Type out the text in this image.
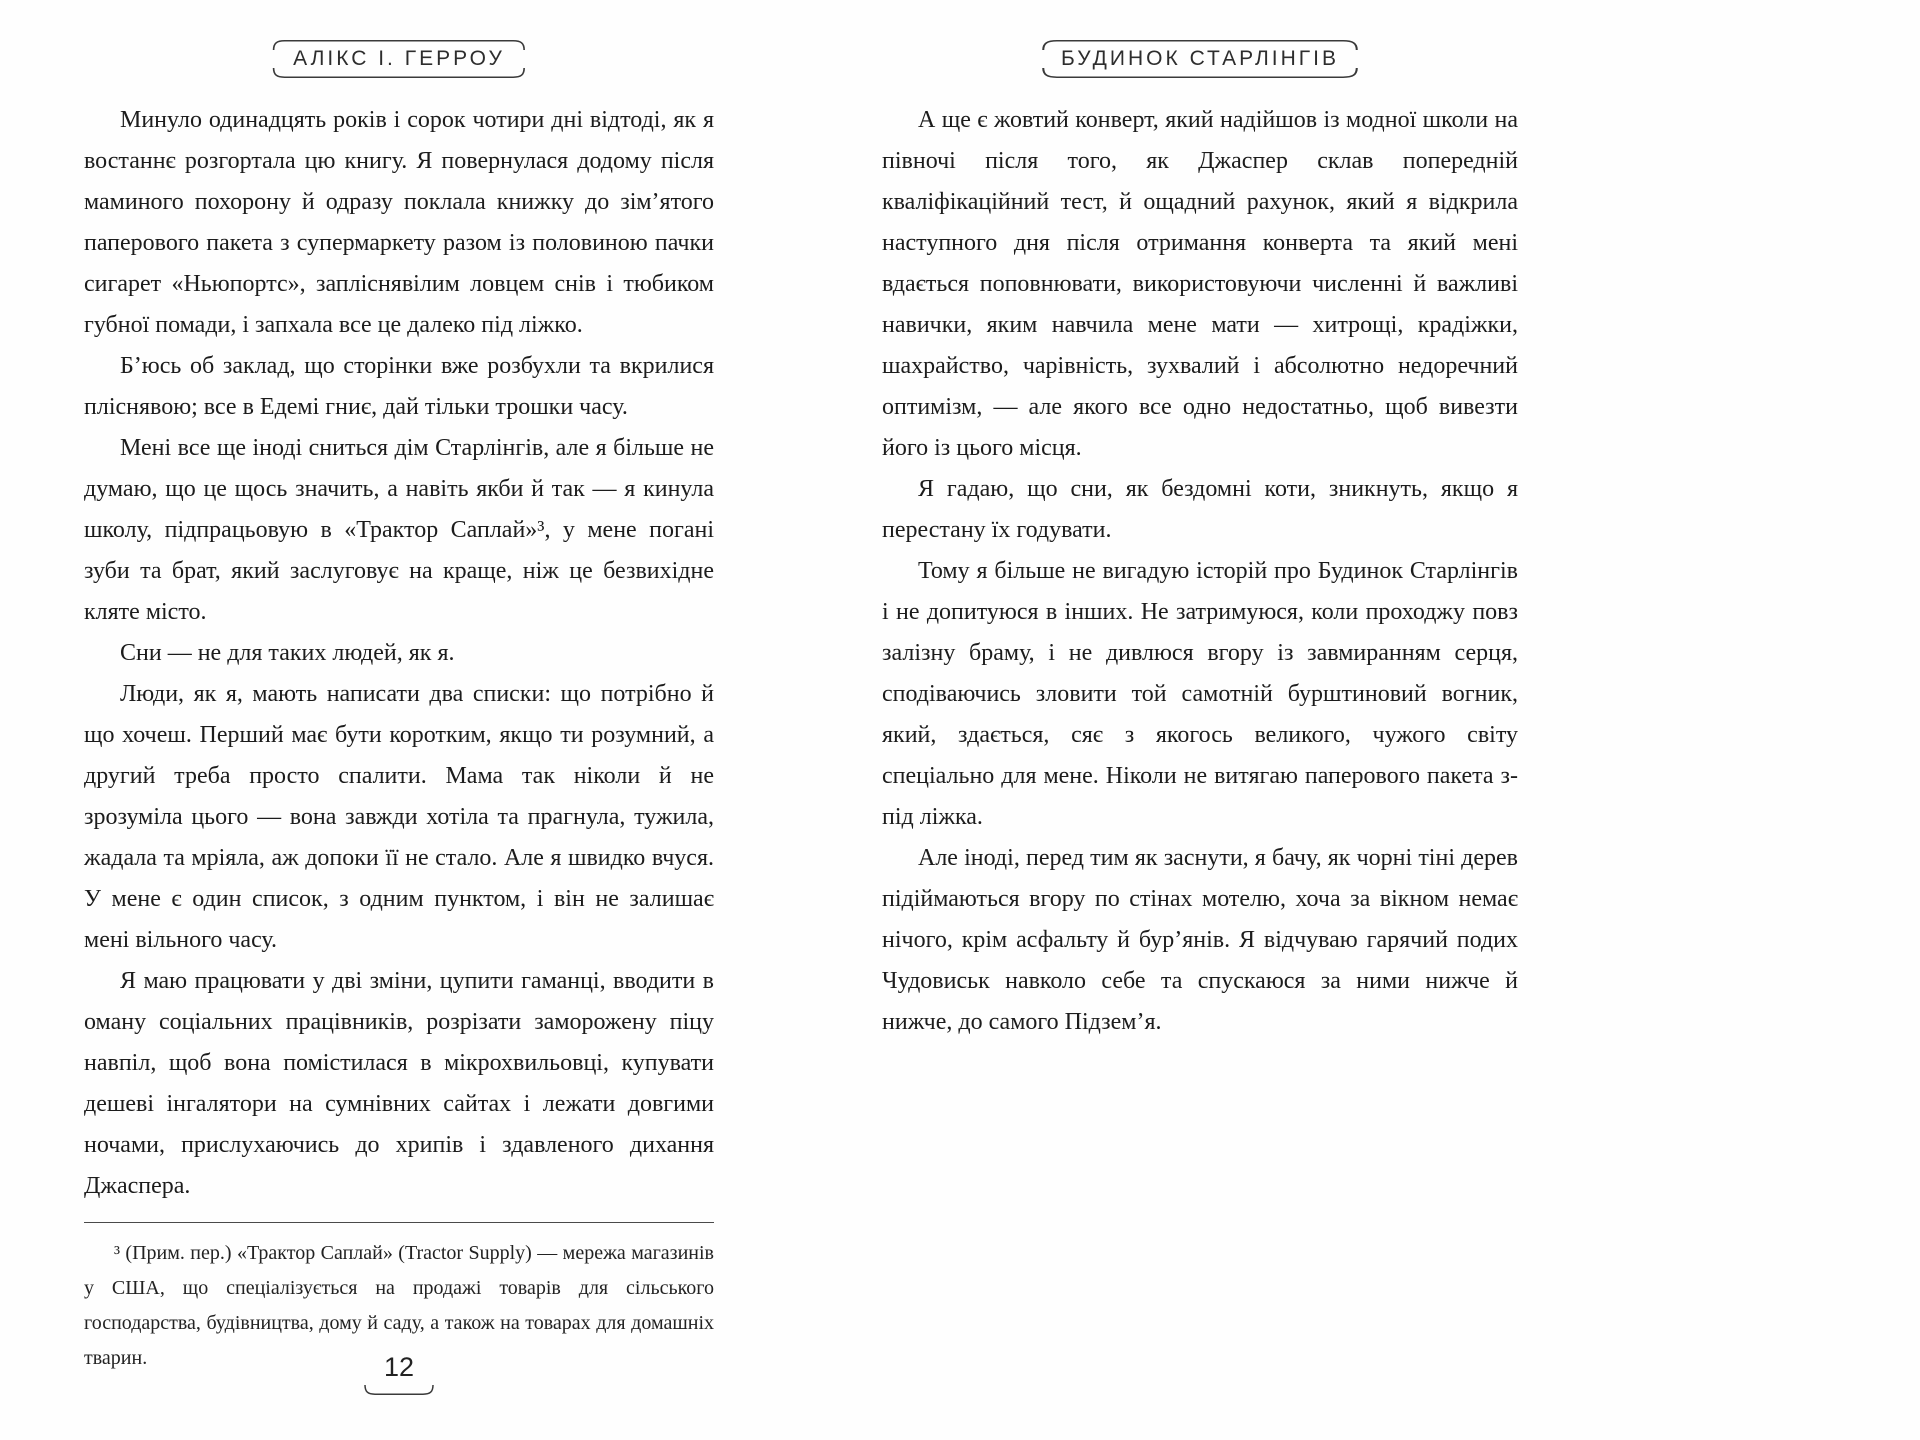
АЛІКС І. ГЕРРОУ

Минуло одинадцять років і сорок чотири дні відтоді, як я востаннє розгортала цю книгу. Я повернулася додому після маминого похорону й одразу поклала книжку до зім’ятого паперового пакета з супермаркету разом із половиною пачки сигарет «Ньюпортс», запліснявілим ловцем снів і тюбиком губної помади, і запхала все це далеко під ліжко.

Б’юсь об заклад, що сторінки вже розбухли та вкрилися пліснявою; все в Едемі гниє, дай тільки трошки часу.

Мені все ще іноді сниться дім Старлінгів, але я більше не думаю, що це щось значить, а навіть якби й так — я кинула школу, підпрацьовую в «Трактор Саплай»³, у мене погані зуби та брат, який заслуговує на краще, ніж це безвихідне кляте місто.

Сни — не для таких людей, як я.

Люди, як я, мають написати два списки: що потрібно й що хочеш. Перший має бути коротким, якщо ти розумний, а другий треба просто спалити. Мама так ніколи й не зрозуміла цього — вона завжди хотіла та прагнула, тужила, жадала та мріяла, аж допоки її не стало. Але я швидко вчуся. У мене є один список, з одним пунктом, і він не залишає мені вільного часу.

Я маю працювати у дві зміни, цупити гаманці, вводити в оману соціальних працівників, розрізати заморожену піцу навпіл, щоб вона помістилася в мікрохвильовці, купувати дешеві інгалятори на сумнівних сайтах і лежати довгими ночами, прислухаючись до хрипів і здавленого дихання Джаспера.

³ (Прим. пер.) «Трактор Саплай» (Tractor Supply) — мережа магазинів у США, що спеціалізується на продажі товарів для сільського господарства, будівництва, дому й саду, а також на товарах для домашніх тварин.	12
БУДИНОК СТАРЛІНГІВ

А ще є жовтий конверт, який надійшов із модної школи на півночі після того, як Джаспер склав попередній кваліфікаційний тест, й ощадний рахунок, який я відкрила наступного дня після отримання конверта та який мені вдається поповнювати, використовуючи численні й важливі навички, яким навчила мене мати — хитрощі, крадіжки, шахрайство, чарівність, зухвалий і абсолютно недоречний оптимізм, — але якого все одно недостатньо, щоб вивезти його із цього місця.

Я гадаю, що сни, як бездомні коти, зникнуть, якщо я перестану їх годувати.

Тому я більше не вигадую історій про Будинок Старлінгів і не допитуюся в інших. Не затримуюся, коли проходжу повз залізну браму, і не дивлюся вгору із завмиранням серця, сподіваючись зловити той самотній бурштиновий вогник, який, здається, сяє з якогось великого, чужого світу спеціально для мене. Ніколи не витягаю паперового пакета з-під ліжка.

Але іноді, перед тим як заснути, я бачу, як чорні тіні дерев підіймаються вгору по стінах мотелю, хоча за вікном немає нічого, крім асфальту й бур’янів. Я відчуваю гарячий подих Чудовиськ навколо себе та спускаюся за ними нижче й нижче, до самого Підзем’я.
